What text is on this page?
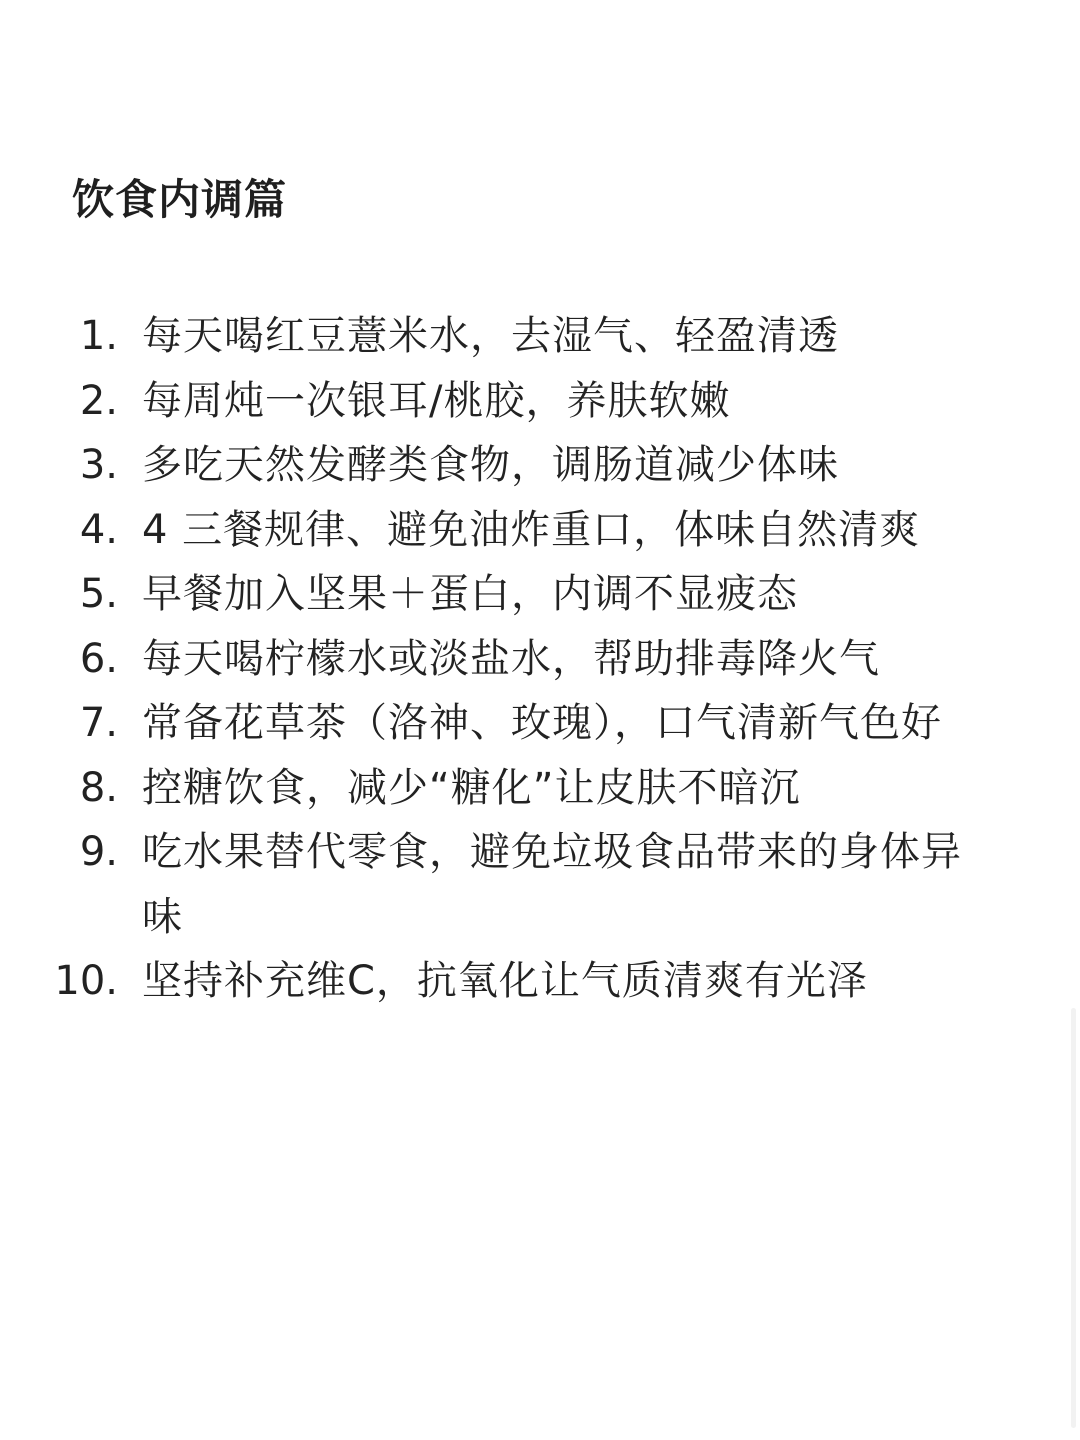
饮食内调篇
1. 每天喝红豆薏米水，去湿气、轻盈清透
2. 每周炖一次银耳/桃胶，养肤软嫩
3. 多吃天然发酵类食物，调肠道减少体味
4. 4 三餐规律、避免油炸重口，体味自然清爽
5. 早餐加入坚果＋蛋白，内调不显疲态
6. 每天喝柠檬水或淡盐水，帮助排毒降火气
7. 常备花草茶（洛神、玫瑰），口气清新气色好
8. 控糖饮食，减少“糖化”让皮肤不暗沉
9. 吃水果替代零食，避免垃圾食品带来的身体异味
10. 坚持补充维C，抗氧化让气质清爽有光泽
